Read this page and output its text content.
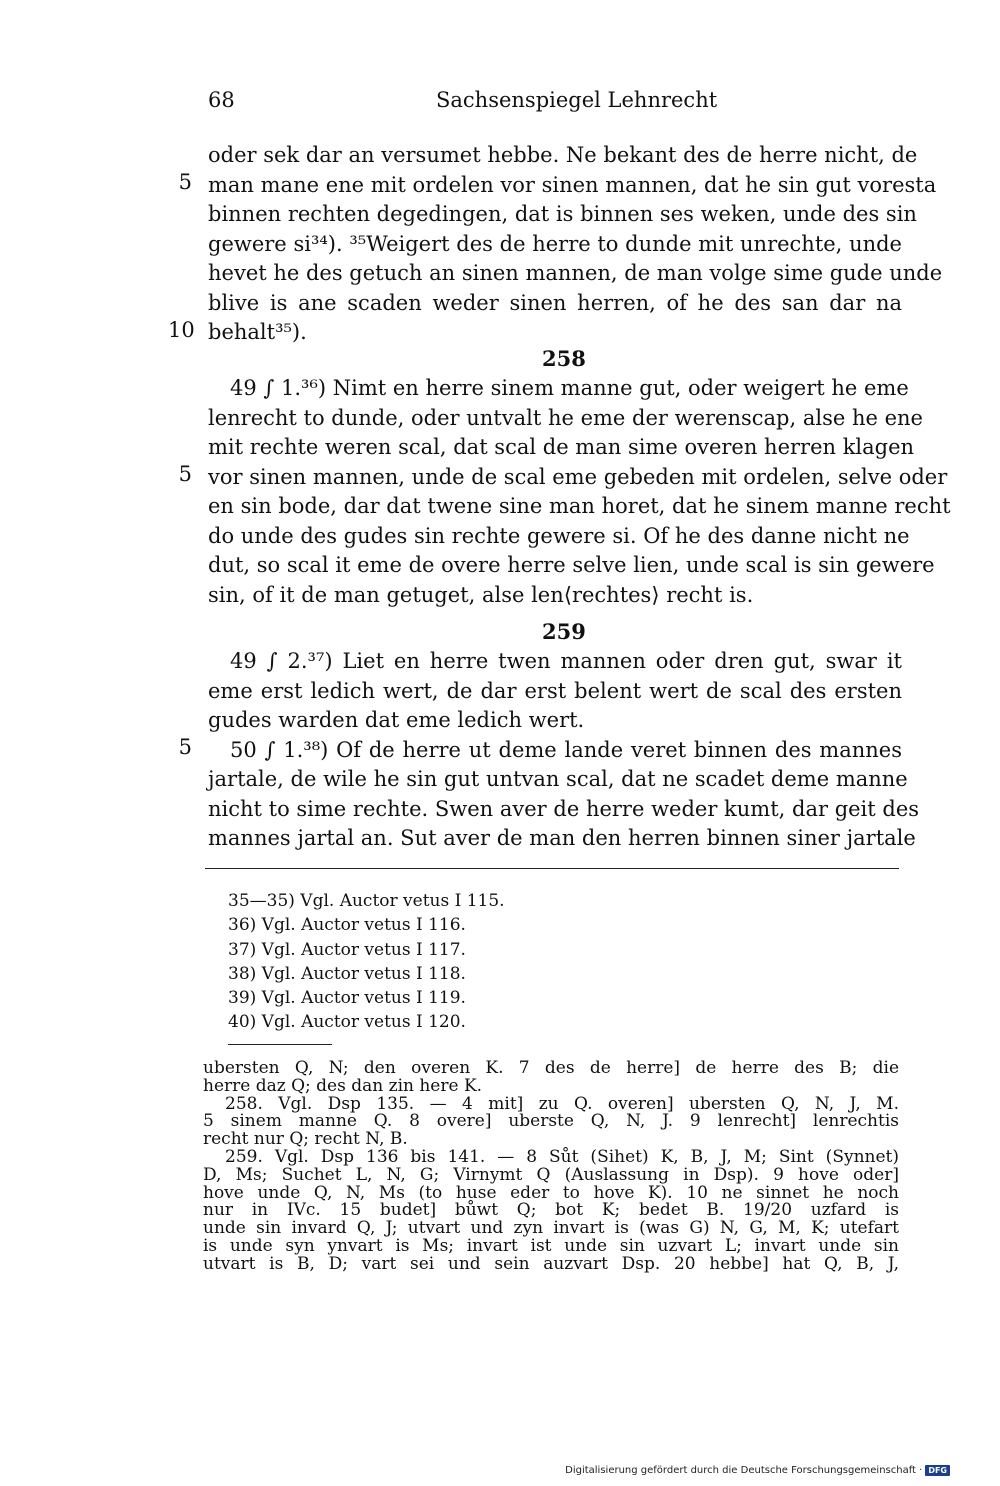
68	Sachsenspiegel Lehnrecht
oder sek dar an versumet hebbe. Ne bekant des de herre nicht, de
man mane ene mit ordelen vor sinen mannen, dat he sin gut voresta
binnen rechten degedingen, dat is binnen ses weken, unde des sin
gewere si³⁴). ³⁵Weigert des de herre to dunde mit unrechte, unde
hevet he des getuch an sinen mannen, de man volge sime gude unde
blive is ane scaden weder sinen herren, of he des san dar na
behalt³⁵).
5
10
258
49 ∫ 1.³⁶) Nimt en herre sinem manne gut, oder weigert he eme
lenrecht to dunde, oder untvalt he eme der werenscap, alse he ene
mit rechte weren scal, dat scal de man sime overen herren klagen
vor sinen mannen, unde de scal eme gebeden mit ordelen, selve oder
en sin bode, dar dat twene sine man horet, dat he sinem manne recht
do unde des gudes sin rechte gewere si. Of he des danne nicht ne
dut, so scal it eme de overe herre selve lien, unde scal is sin gewere
sin, of it de man getuget, alse len⟨rechtes⟩ recht is.
5
259
49 ∫ 2.³⁷) Liet en herre twen mannen oder dren gut, swar it
eme erst ledich wert, de dar erst belent wert de scal des ersten
gudes warden dat eme ledich wert.
50 ∫ 1.³⁸) Of de herre ut deme lande veret binnen des mannes
jartale, de wile he sin gut untvan scal, dat ne scadet deme manne
nicht to sime rechte. Swen aver de herre weder kumt, dar geit des
mannes jartal an. Sut aver de man den herren binnen siner jartale
5
35—35) Vgl. Auctor vetus I 115.
36) Vgl. Auctor vetus I 116.
37) Vgl. Auctor vetus I 117.
38) Vgl. Auctor vetus I 118.
39) Vgl. Auctor vetus I 119.
40) Vgl. Auctor vetus I 120.
ubersten Q, N; den overen K. 7 des de herre] de herre des B; die
herre daz Q; des dan zin here K.
258. Vgl. Dsp 135. — 4 mit] zu Q. overen] ubersten Q, N, J, M.
5 sinem manne Q. 8 overe] uberste Q, N, J. 9 lenrecht] lenrechtis
recht nur Q; recht N, B.
259. Vgl. Dsp 136 bis 141. — 8 Sůt (Sihet) K, B, J, M; Sint (Synnet)
D, Ms; Suchet L, N, G; Virnymt Q (Auslassung in Dsp). 9 hove oder]
hove unde Q, N, Ms (to huse eder to hove K). 10 ne sinnet he noch
nur in IVc. 15 budet] bůwt Q; bot K; bedet B. 19/20 uzfard is
unde sin invard Q, J; utvart und zyn invart is (was G) N, G, M, K; utefart
is unde syn ynvart is Ms; invart ist unde sin uzvart L; invart unde sin
utvart is B, D; vart sei und sein auzvart Dsp. 20 hebbe] hat Q, B, J,
Digitalisierung gefördert durch die Deutsche Forschungsgemeinschaft · DFG
